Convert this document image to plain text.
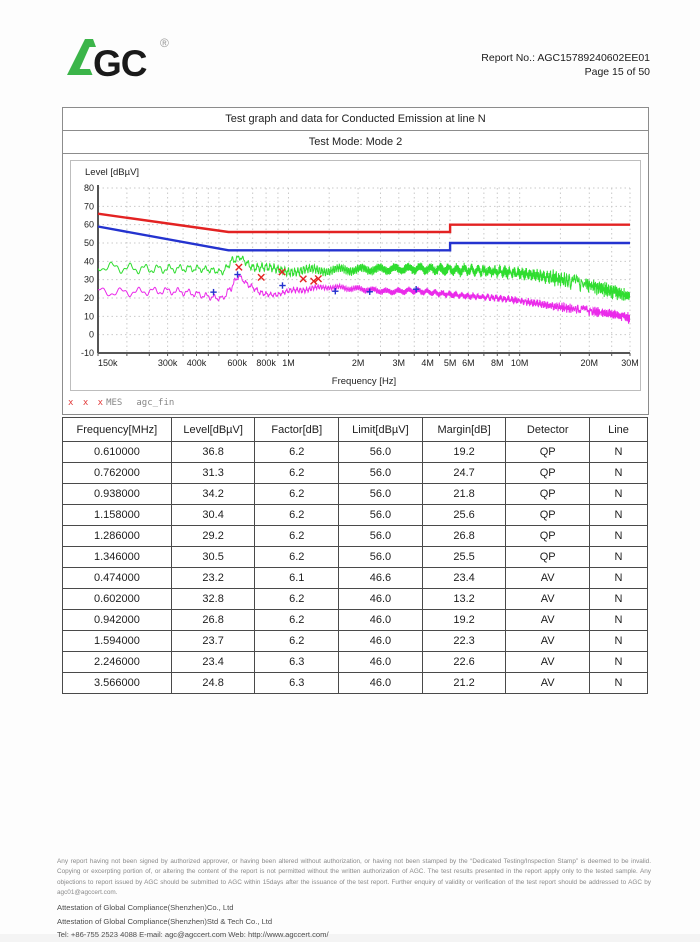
GC ®
Report No.: AGC15789240602EE01
Page 15 of 50
Test graph and data for Conducted Emission at line N
Test Mode: Mode 2
80
70
60
50
40
30
20
10
0
-10
150k	300k 400k 600k 800k 1M	2M	3M 4M 5M 6M 8M 10M	20M	30M
Level [dBµV]
Frequency [Hz]
x x x MES agc_fin
Frequency[MHz]	Level[dBµV]	Factor[dB]	Limit[dBµV]	Margin[dB]	Detector	Line
0.610000	36.8	6.2	56.0	19.2	QP	N
0.762000	31.3	6.2	56.0	24.7	QP	N
0.938000	34.2	6.2	56.0	21.8	QP	N
1.158000	30.4	6.2	56.0	25.6	QP	N
1.286000	29.2	6.2	56.0	26.8	QP	N
1.346000	30.5	6.2	56.0	25.5	QP	N
0.474000	23.2	6.1	46.6	23.4	AV	N
0.602000	32.8	6.2	46.0	13.2	AV	N
0.942000	26.8	6.2	46.0	19.2	AV	N
1.594000	23.7	6.2	46.0	22.3	AV	N
2.246000	23.4	6.3	46.0	22.6	AV	N
3.566000	24.8	6.3	46.0	21.2	AV	N
Any report having not been signed by authorized approver, or having been altered without authorization, or having not been stamped by the “Dedicated Testing/Inspection Stamp” is deemed to be invalid. Copying or excerpting portion of, or altering the content of the report is not permitted without the written authorization of AGC. The test results presented in the report apply only to the tested sample. Any objections to report issued by AGC should be submitted to AGC within 15days after the issuance of the test report. Further enquiry of validity or verification of the test report should be addressed to AGC by agc01@agccert.com.
Attestation of Global Compliance(Shenzhen)Co., Ltd
Attestation of Global Compliance(Shenzhen)Std & Tech Co., Ltd
Tel: +86-755 2523 4088 E-mail: agc@agccert.com Web: http://www.agccert.com/
